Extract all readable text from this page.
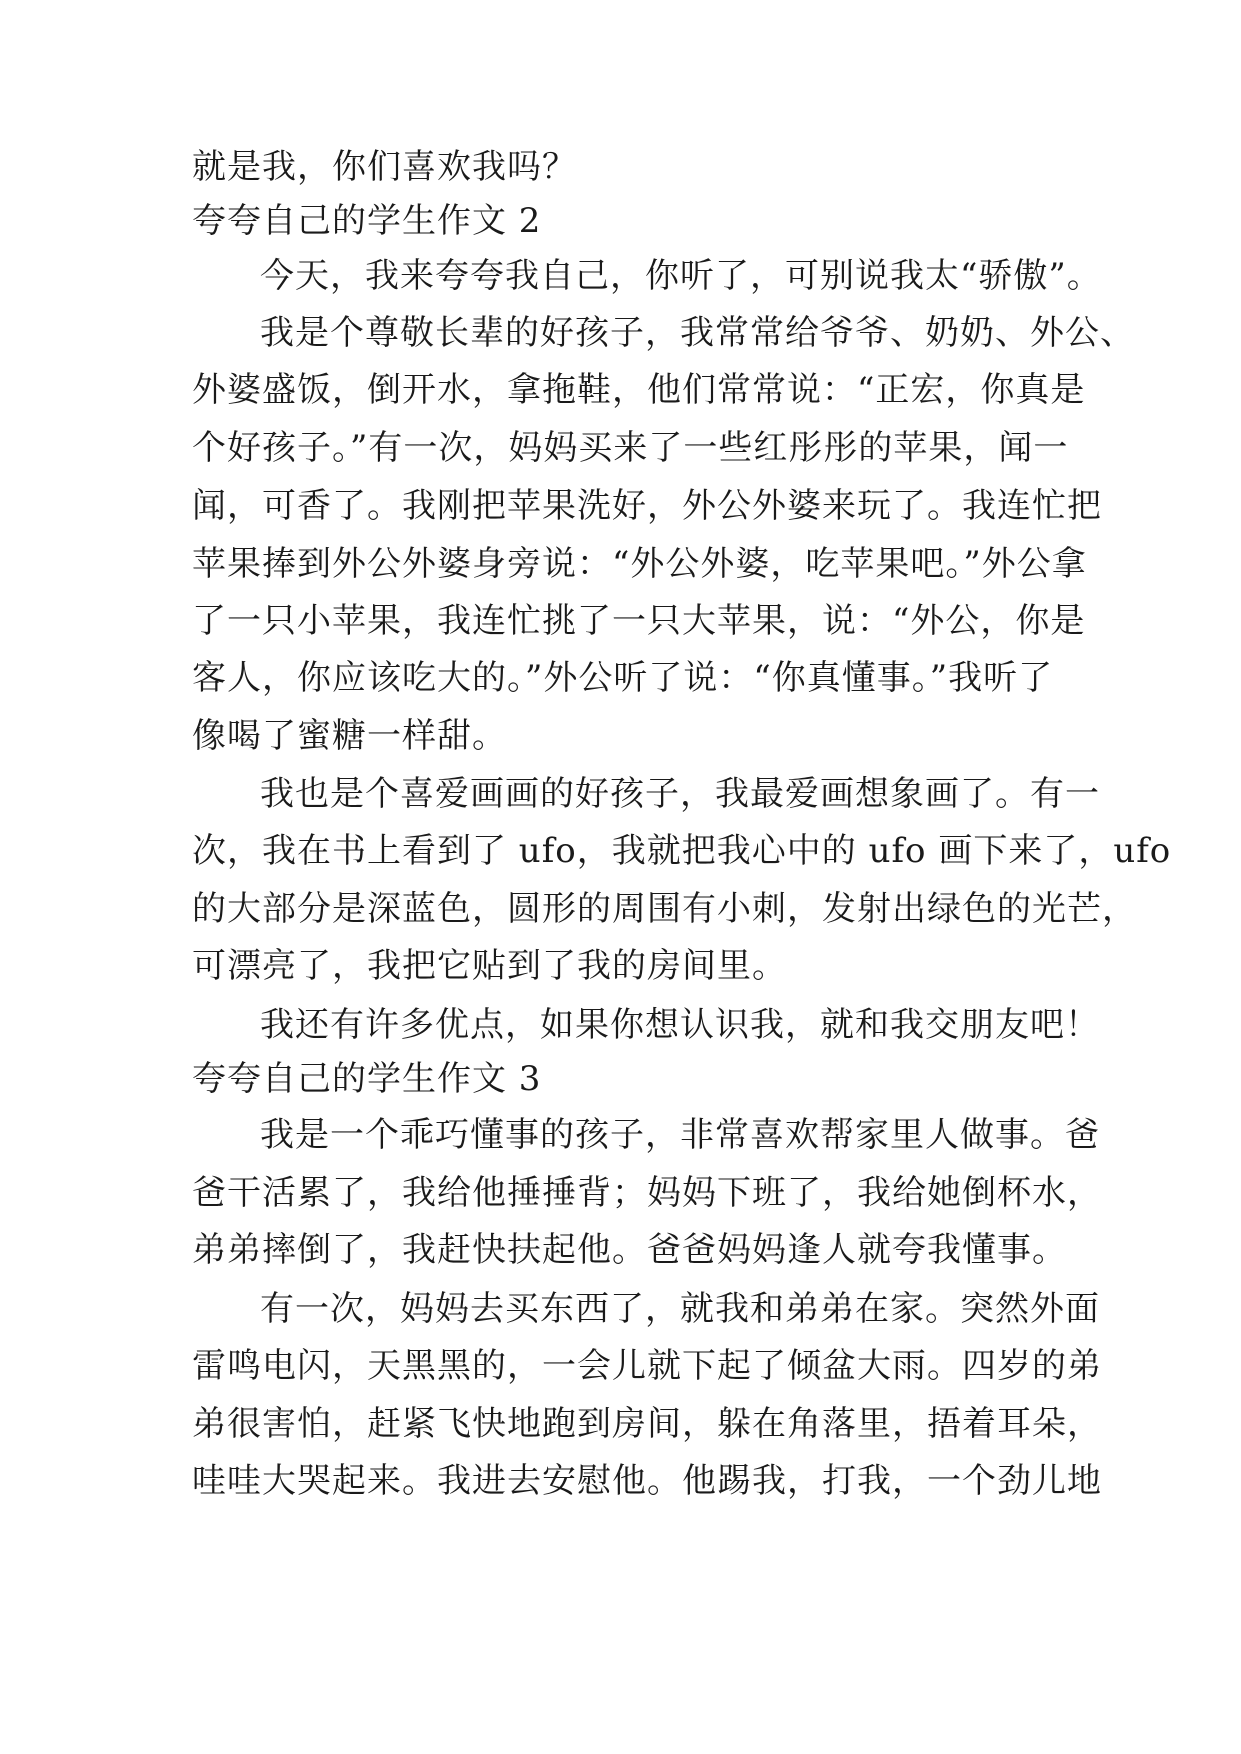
就是我，你们喜欢我吗？
夸夸自己的学生作文 2
今天，我来夸夸我自己，你听了，可别说我太“骄傲”。
我是个尊敬长辈的好孩子，我常常给爷爷、奶奶、外公、
外婆盛饭，倒开水，拿拖鞋，他们常常说：“正宏，你真是
个好孩子。”有一次，妈妈买来了一些红彤彤的苹果，闻一
闻，可香了。我刚把苹果洗好，外公外婆来玩了。我连忙把
苹果捧到外公外婆身旁说：“外公外婆，吃苹果吧。”外公拿
了一只小苹果，我连忙挑了一只大苹果，说：“外公，你是
客人，你应该吃大的。”外公听了说：“你真懂事。”我听了
像喝了蜜糖一样甜。
我也是个喜爱画画的好孩子，我最爱画想象画了。有一
次，我在书上看到了 ufo，我就把我心中的 ufo 画下来了，ufo
的大部分是深蓝色，圆形的周围有小刺，发射出绿色的光芒，
可漂亮了，我把它贴到了我的房间里。
我还有许多优点，如果你想认识我，就和我交朋友吧！
夸夸自己的学生作文 3
我是一个乖巧懂事的孩子，非常喜欢帮家里人做事。爸
爸干活累了，我给他捶捶背；妈妈下班了，我给她倒杯水，
弟弟摔倒了，我赶快扶起他。爸爸妈妈逢人就夸我懂事。
有一次，妈妈去买东西了，就我和弟弟在家。突然外面
雷鸣电闪，天黑黑的，一会儿就下起了倾盆大雨。四岁的弟
弟很害怕，赶紧飞快地跑到房间，躲在角落里，捂着耳朵，
哇哇大哭起来。我进去安慰他。他踢我，打我，一个劲儿地
